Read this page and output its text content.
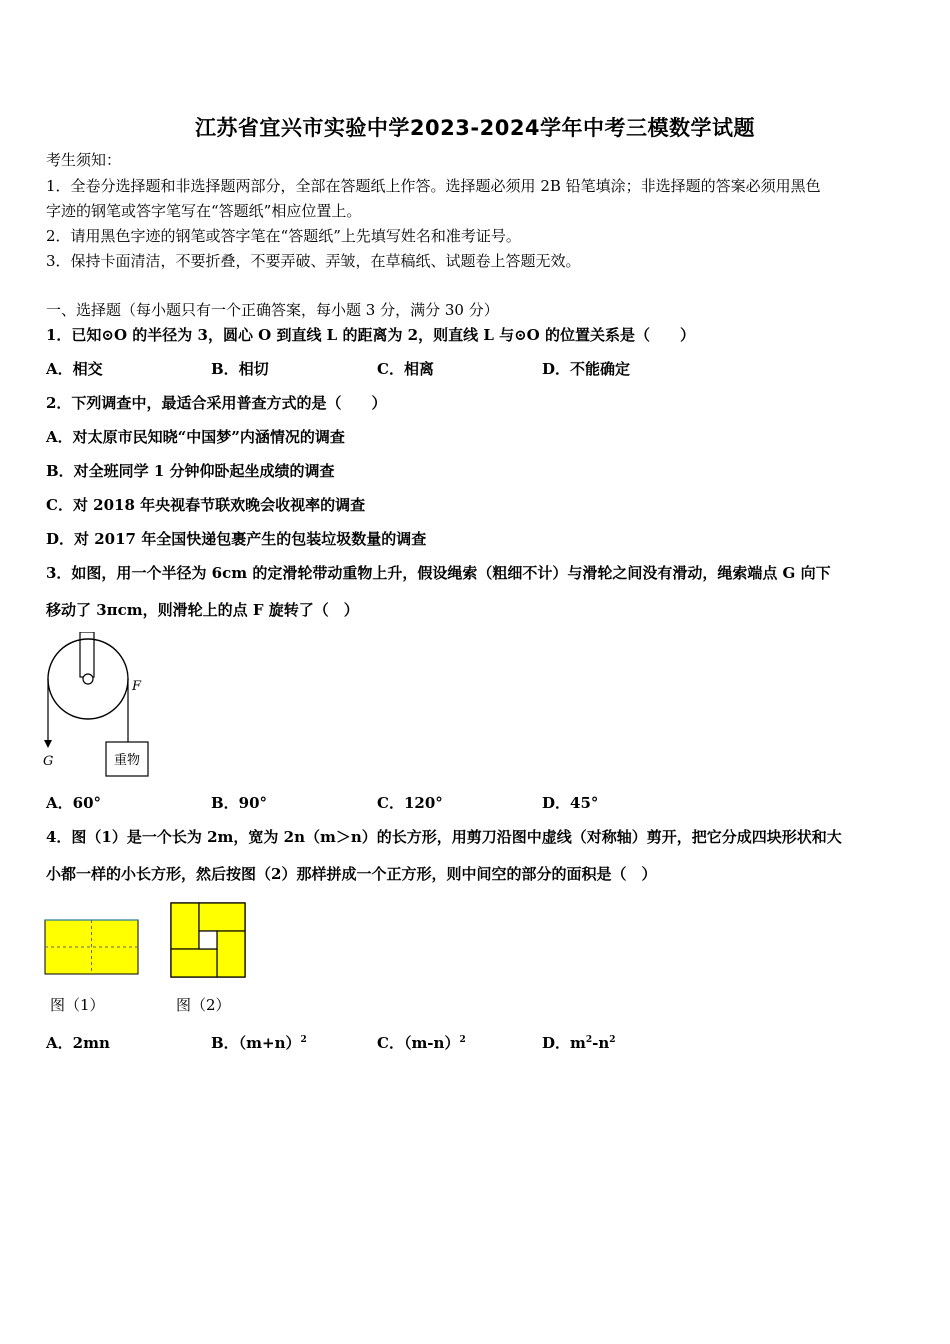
江苏省宜兴市实验中学2023-2024学年中考三模数学试题
考生须知：
1．全卷分选择题和非选择题两部分，全部在答题纸上作答。选择题必须用 2B 铅笔填涂；非选择题的答案必须用黑色
字迹的钢笔或答字笔写在“答题纸”相应位置上。
2．请用黑色字迹的钢笔或答字笔在“答题纸”上先填写姓名和准考证号。
3．保持卡面清洁，不要折叠，不要弄破、弄皱，在草稿纸、试题卷上答题无效。
一、选择题（每小题只有一个正确答案，每小题 3 分，满分 30 分）
1．已知⊙O 的半径为 3，圆心 O 到直线 L 的距离为 2，则直线 L 与⊙O 的位置关系是（　　）
A．相交	B．相切	C．相离	D．不能确定
2．下列调查中，最适合采用普查方式的是（　　）
A．对太原市民知晓“中国梦”内涵情况的调查
B．对全班同学 1 分钟仰卧起坐成绩的调查
C．对 2018 年央视春节联欢晚会收视率的调查
D．对 2017 年全国快递包裹产生的包装垃圾数量的调查
3．如图，用一个半径为 6cm 的定滑轮带动重物上升，假设绳索（粗细不计）与滑轮之间没有滑动，绳索端点 G 向下
移动了 3πcm，则滑轮上的点 F 旋转了（　）
重物
F
G
A．60°	B．90°	C．120°	D．45°
4．图（1）是一个长为 2m，宽为 2n（m＞n）的长方形，用剪刀沿图中虚线（对称轴）剪开，把它分成四块形状和大
小都一样的小长方形，然后按图（2）那样拼成一个正方形，则中间空的部分的面积是（　）
图（1）	图（2）
A．2mn	B．$(m+n)^2$	C．$(m-n)^2$	D．$m^2-n^2$
